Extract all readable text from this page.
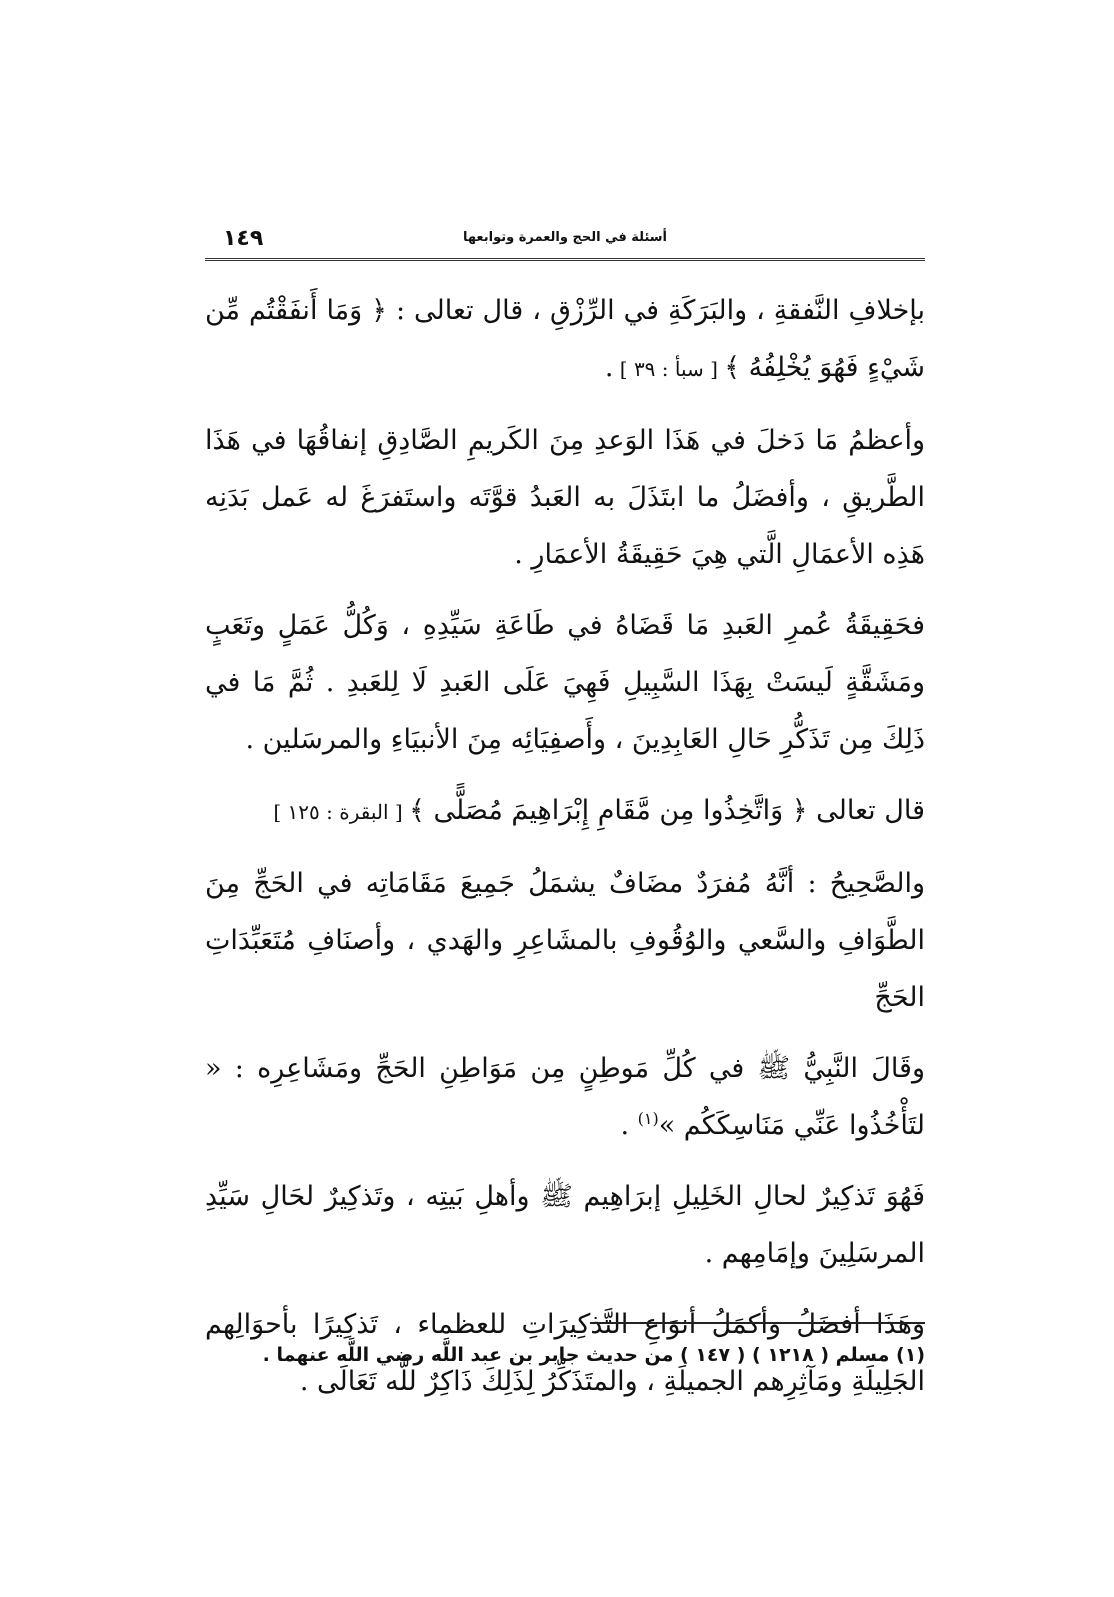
١٤٩	أسئلة في الحج والعمرة وتوابعها

بإخلافِ النَّفقةِ ، والبَرَكَةِ في الرِّزْقِ ، قال تعالى : ﴿ وَمَا أَنفَقْتُم مِّن شَيْءٍ فَهُوَ يُخْلِفُهُ ﴾ [ سبأ : ٣٩ ] .

وأعظمُ مَا دَخلَ في هَذَا الوَعدِ مِنَ الكَريمِ الصَّادِقِ إنفاقُهَا في هَذَا الطَّريقِ ، وأفضَلُ ما ابتَذَلَ به العَبدُ قوَّتَه واستَفرَغَ له عَمل بَدَنِه هَذِه الأعمَالِ الَّتي هِيَ حَقِيقَةُ الأعمَارِ .

فحَقِيقَةُ عُمرِ العَبدِ مَا قَضَاهُ في طَاعَةِ سَيِّدِهِ ، وَكُلُّ عَمَلٍ وتَعَبٍ ومَشَقَّةٍ لَيسَتْ بِهَذَا السَّبِيلِ فَهِيَ عَلَى العَبدِ لَا لِلعَبدِ . ثُمَّ مَا في ذَلِكَ مِن تَذَكُّرِ حَالِ العَابِدِينَ ، وأَصفِيَائِه مِنَ الأنبيَاءِ والمرسَلين .

قال تعالى ﴿ وَاتَّخِذُوا مِن مَّقَامِ إِبْرَاهِيمَ مُصَلًّى ﴾ [ البقرة : ١٢٥ ]

والصَّحِيحُ : أنَّهُ مُفرَدٌ مضَافٌ يشمَلُ جَمِيعَ مَقَامَاتِه في الحَجِّ مِنَ الطَّوَافِ والسَّعي والوُقُوفِ بالمشَاعِرِ والهَدي ، وأصنَافِ مُتَعَبِّدَاتِ الحَجِّ

وقَالَ النَّبِيُّ ﷺ في كُلِّ مَوطِنٍ مِن مَوَاطِنِ الحَجِّ ومَشَاعِرِه : « لتَأْخُذُوا عَنِّي مَنَاسِكَكُم »$^{(١)}$ .

فَهُوَ تَذكِيرٌ لحالِ الخَلِيلِ إبرَاهِيم ﷺ وأهلِ بَيتِه ، وتَذكِيرٌ لحَالِ سَيِّدِ المرسَلِينَ وإمَامِهم .

وهَذَا أفضَلُ وأكمَلُ أنوَاعِ التَّذكِيرَاتِ للعظماء ، تَذكِيرًا بأحوَالِهم الجَلِيلَةِ ومَآثِرِهم الجميلَةِ ، والمتَذَكِّرُ لِذَلِكَ ذَاكِرٌ للَّه تَعَالَى .

(١) مسلم ( ١٢١٨ ) ( ١٤٧ ) من حديث جابر بن عبد اللَّه رضي اللَّه عنهما .
